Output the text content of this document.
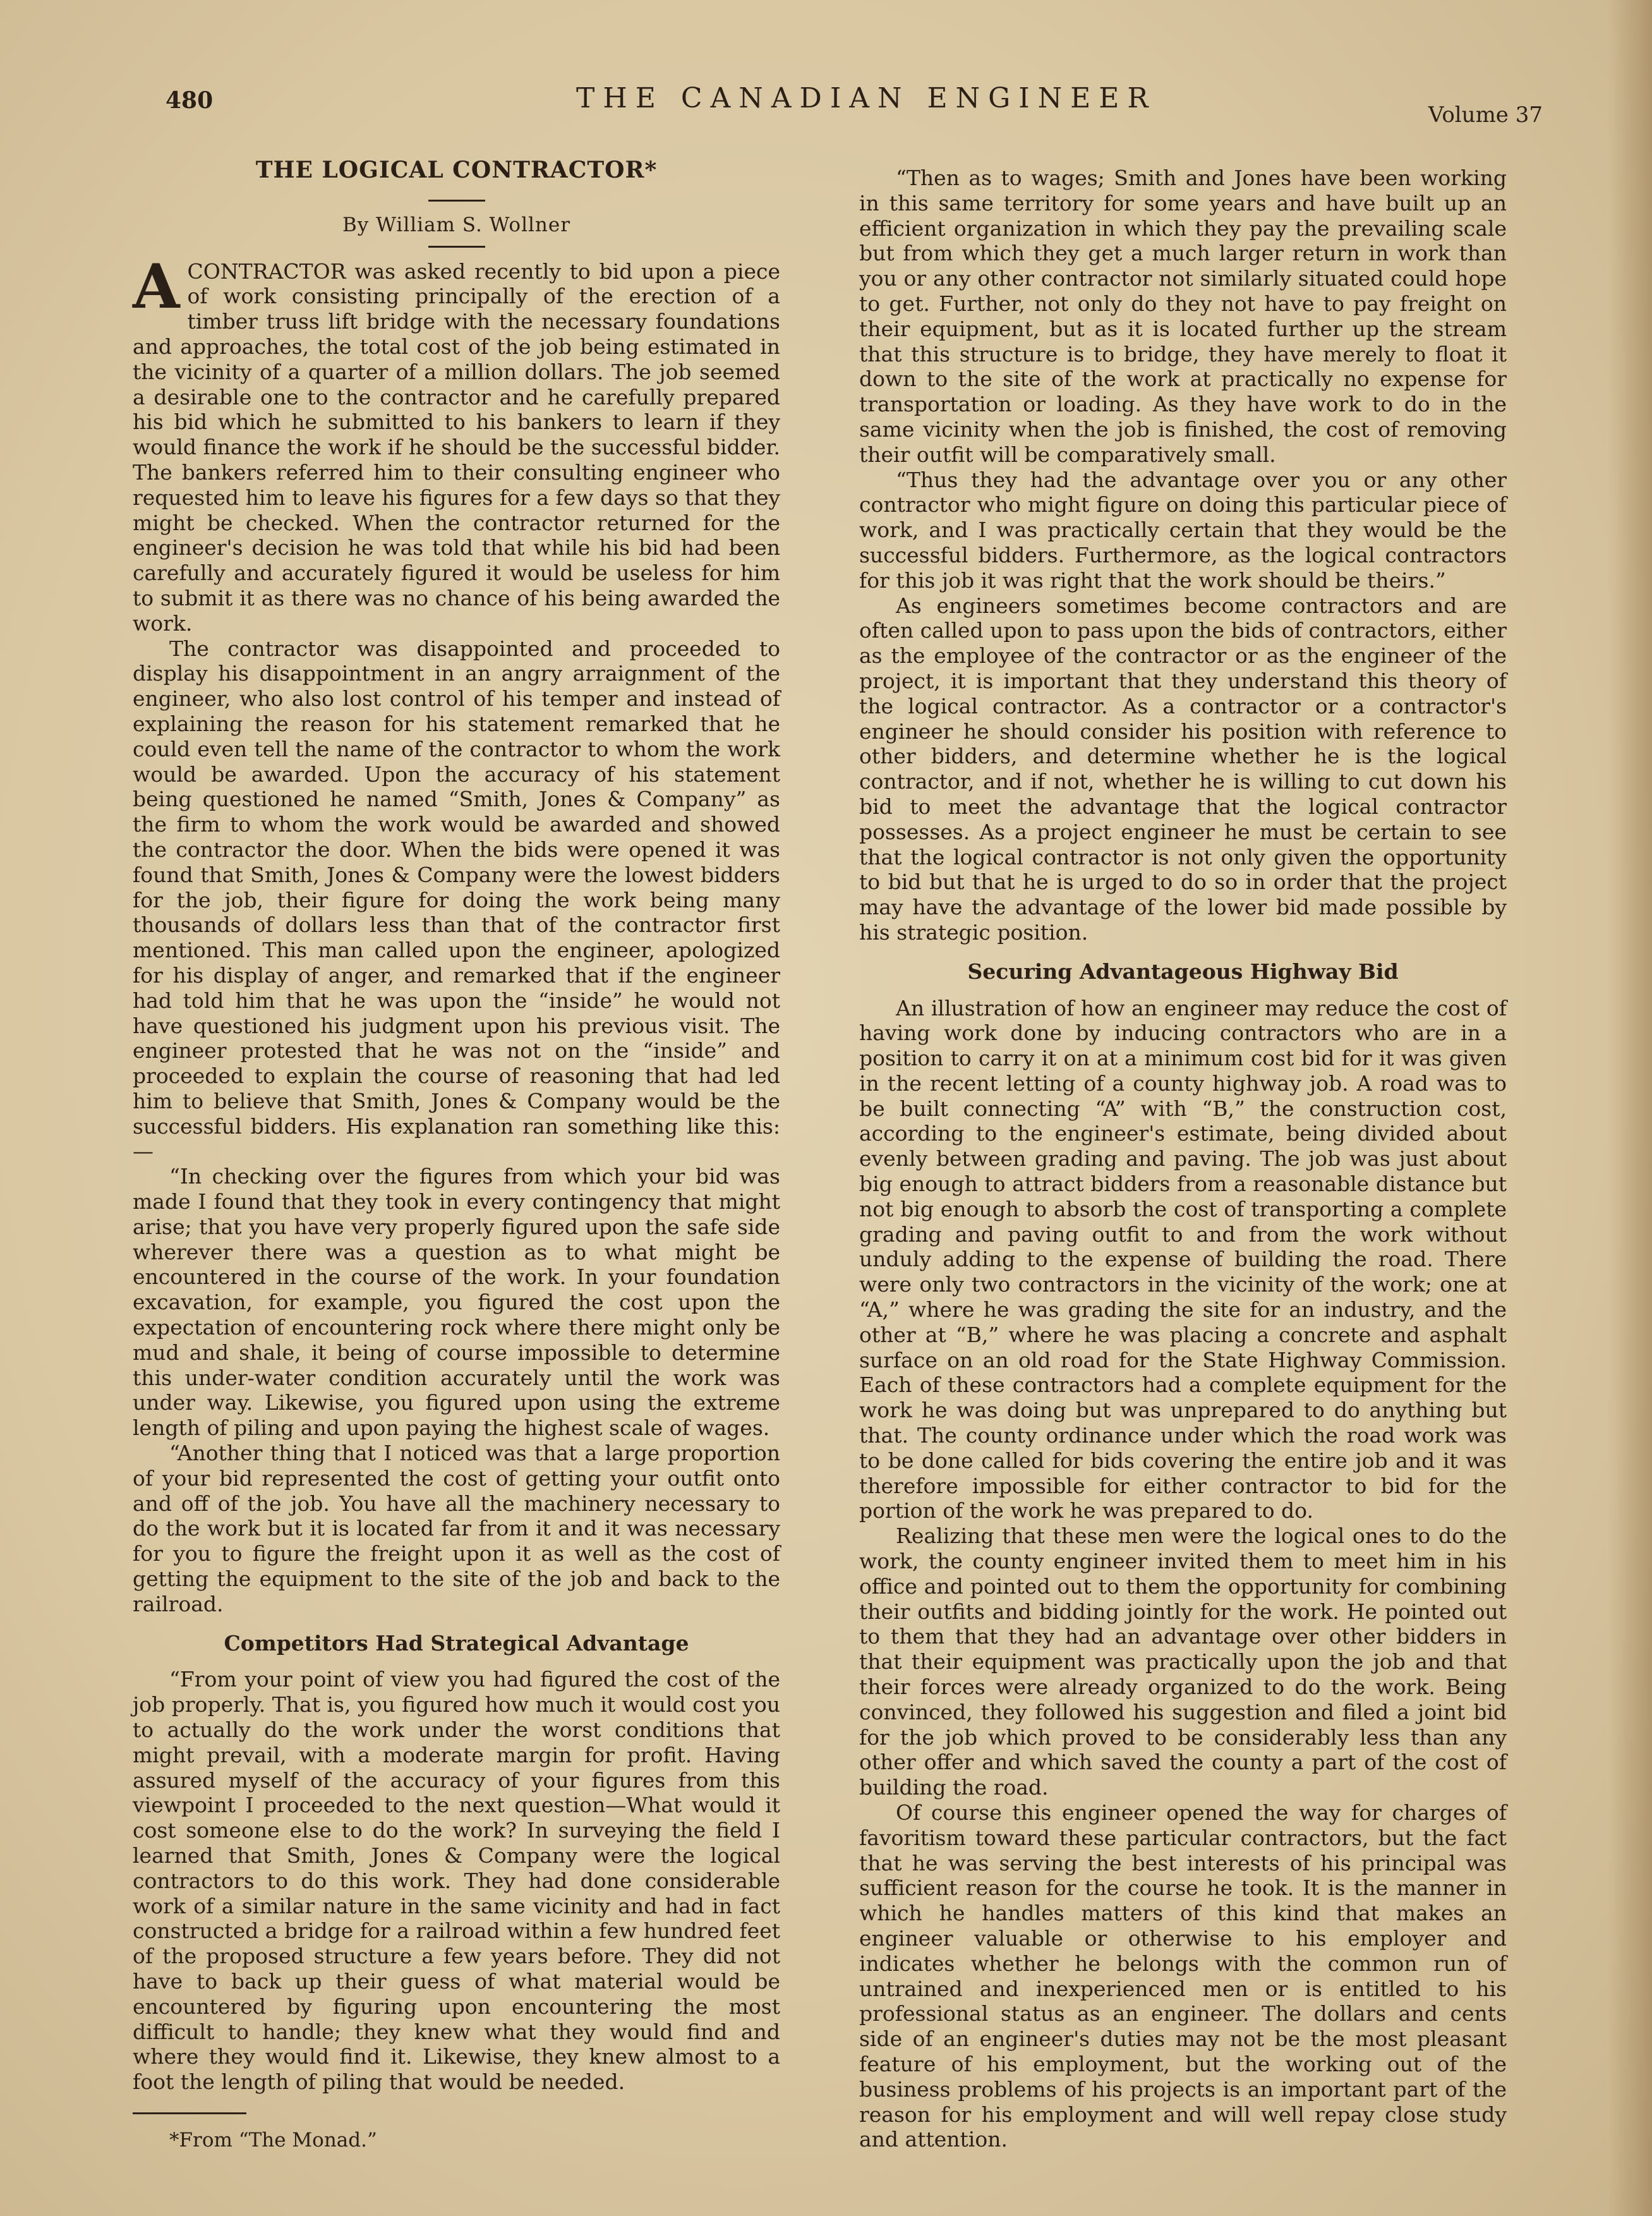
480	THE CANADIAN ENGINEER
Volume 37
THE LOGICAL CONTRACTOR*
By William S. Wollner

ACONTRACTOR was asked recently to bid upon a piece of work consisting principally of the erection of a timber truss lift bridge with the necessary foundations and approaches, the total cost of the job being estimated in the vicinity of a quarter of a million dollars. The job seemed a desirable one to the contractor and he carefully prepared his bid which he submitted to his bankers to learn if they would finance the work if he should be the successful bidder. The bankers referred him to their consulting engineer who requested him to leave his figures for a few days so that they might be checked. When the contractor returned for the engineer's decision he was told that while his bid had been carefully and accurately figured it would be useless for him to submit it as there was no chance of his being awarded the work.

The contractor was disappointed and proceeded to display his disappointment in an angry arraignment of the engineer, who also lost control of his temper and instead of explaining the reason for his statement remarked that he could even tell the name of the contractor to whom the work would be awarded. Upon the accuracy of his statement being questioned he named “Smith, Jones & Company” as the firm to whom the work would be awarded and showed the contractor the door. When the bids were opened it was found that Smith, Jones & Company were the lowest bidders for the job, their figure for doing the work being many thousands of dollars less than that of the contractor first mentioned. This man called upon the engineer, apologized for his display of anger, and remarked that if the engineer had told him that he was upon the “inside” he would not have questioned his judgment upon his previous visit. The engineer protested that he was not on the “inside” and proceeded to explain the course of reasoning that had led him to believe that Smith, Jones & Company would be the successful bidders. His explanation ran something like this:—

“In checking over the figures from which your bid was made I found that they took in every contingency that might arise; that you have very properly figured upon the safe side wherever there was a question as to what might be encountered in the course of the work. In your foundation excavation, for example, you figured the cost upon the expectation of encountering rock where there might only be mud and shale, it being of course impossible to determine this under-water condition accurately until the work was under way. Likewise, you figured upon using the extreme length of piling and upon paying the highest scale of wages.

“Another thing that I noticed was that a large proportion of your bid represented the cost of getting your outfit onto and off of the job. You have all the machinery necessary to do the work but it is located far from it and it was necessary for you to figure the freight upon it as well as the cost of getting the equipment to the site of the job and back to the railroad.

Competitors Had Strategical Advantage

“From your point of view you had figured the cost of the job properly. That is, you figured how much it would cost you to actually do the work under the worst conditions that might prevail, with a moderate margin for profit. Having assured myself of the accuracy of your figures from this viewpoint I proceeded to the next question—What would it cost someone else to do the work? In surveying the field I learned that Smith, Jones & Company were the logical contractors to do this work. They had done considerable work of a similar nature in the same vicinity and had in fact constructed a bridge for a railroad within a few hundred feet of the proposed structure a few years before. They did not have to back up their guess of what material would be encountered by figuring upon encountering the most difficult to handle; they knew what they would find and where they would find it. Likewise, they knew almost to a foot the length of piling that would be needed.

*From “The Monad.”

“Then as to wages; Smith and Jones have been working in this same territory for some years and have built up an efficient organization in which they pay the prevailing scale but from which they get a much larger return in work than you or any other contractor not similarly situated could hope to get. Further, not only do they not have to pay freight on their equipment, but as it is located further up the stream that this structure is to bridge, they have merely to float it down to the site of the work at practically no expense for transportation or loading. As they have work to do in the same vicinity when the job is finished, the cost of removing their outfit will be comparatively small.

“Thus they had the advantage over you or any other contractor who might figure on doing this particular piece of work, and I was practically certain that they would be the successful bidders. Furthermore, as the logical contractors for this job it was right that the work should be theirs.”

As engineers sometimes become contractors and are often called upon to pass upon the bids of contractors, either as the employee of the contractor or as the engineer of the project, it is important that they understand this theory of the logical contractor. As a contractor or a contractor's engineer he should consider his position with reference to other bidders, and determine whether he is the logical contractor, and if not, whether he is willing to cut down his bid to meet the advantage that the logical contractor possesses. As a project engineer he must be certain to see that the logical contractor is not only given the opportunity to bid but that he is urged to do so in order that the project may have the advantage of the lower bid made possible by his strategic position.

Securing Advantageous Highway Bid

An illustration of how an engineer may reduce the cost of having work done by inducing contractors who are in a position to carry it on at a minimum cost bid for it was given in the recent letting of a county highway job. A road was to be built connecting “A” with “B,” the construction cost, according to the engineer's estimate, being divided about evenly between grading and paving. The job was just about big enough to attract bidders from a reasonable distance but not big enough to absorb the cost of transporting a complete grading and paving outfit to and from the work without unduly adding to the expense of building the road. There were only two contractors in the vicinity of the work; one at “A,” where he was grading the site for an industry, and the other at “B,” where he was placing a concrete and asphalt surface on an old road for the State Highway Commission. Each of these contractors had a complete equipment for the work he was doing but was unprepared to do anything but that. The county ordinance under which the road work was to be done called for bids covering the entire job and it was therefore impossible for either contractor to bid for the portion of the work he was prepared to do.

Realizing that these men were the logical ones to do the work, the county engineer invited them to meet him in his office and pointed out to them the opportunity for combining their outfits and bidding jointly for the work. He pointed out to them that they had an advantage over other bidders in that their equipment was practically upon the job and that their forces were already organized to do the work. Being convinced, they followed his suggestion and filed a joint bid for the job which proved to be considerably less than any other offer and which saved the county a part of the cost of building the road.

Of course this engineer opened the way for charges of favoritism toward these particular contractors, but the fact that he was serving the best interests of his principal was sufficient reason for the course he took. It is the manner in which he handles matters of this kind that makes an engineer valuable or otherwise to his employer and indicates whether he belongs with the common run of untrained and inexperienced men or is entitled to his professional status as an engineer. The dollars and cents side of an engineer's duties may not be the most pleasant feature of his employment, but the working out of the business problems of his projects is an important part of the reason for his employment and will well repay close study and attention.
